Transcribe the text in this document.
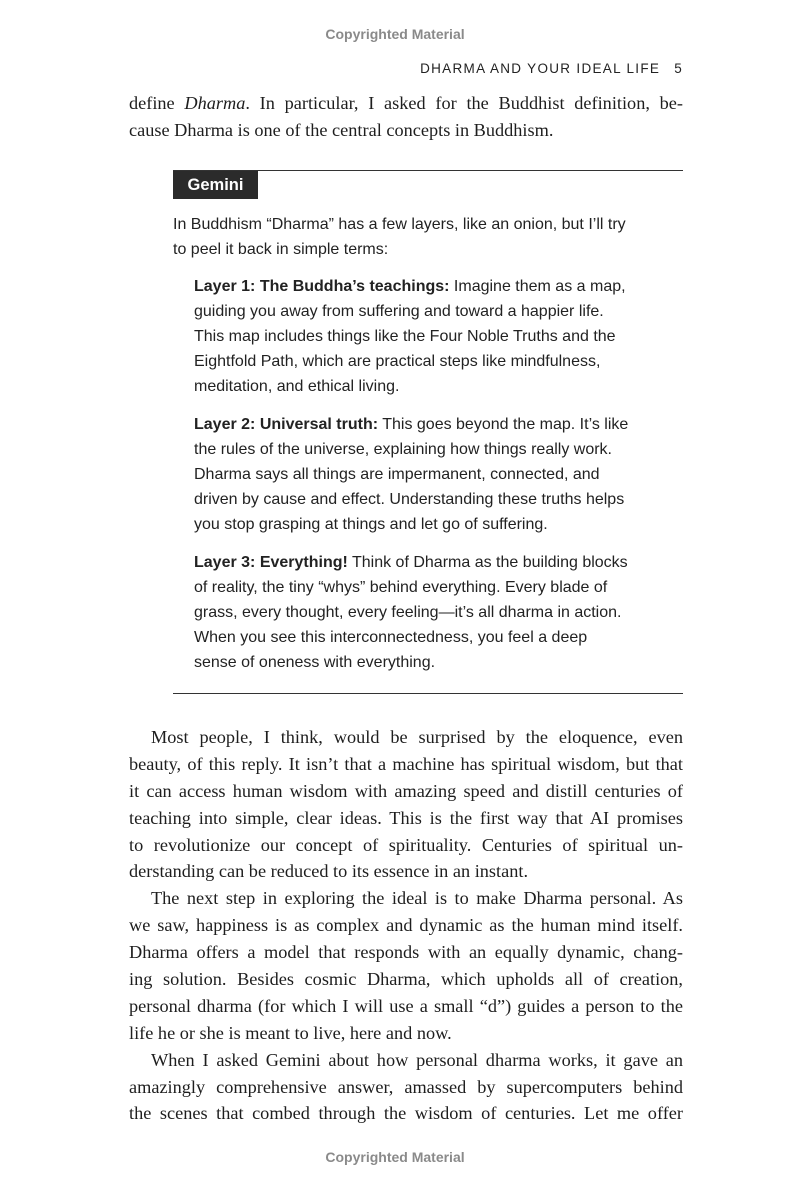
Copyrighted Material
DHARMA AND YOUR IDEAL LIFE 5
define Dharma. In particular, I asked for the Buddhist definition, be-
cause Dharma is one of the central concepts in Buddhism.
Gemini
In Buddhism “Dharma” has a few layers, like an onion, but I’ll try
to peel it back in simple terms:
Layer 1: The Buddha’s teachings: Imagine them as a map,
guiding you away from suffering and toward a happier life.
This map includes things like the Four Noble Truths and the
Eightfold Path, which are practical steps like mindfulness,
meditation, and ethical living.
Layer 2: Universal truth: This goes beyond the map. It’s like
the rules of the universe, explaining how things really work.
Dharma says all things are impermanent, connected, and
driven by cause and effect. Understanding these truths helps
you stop grasping at things and let go of suffering.
Layer 3: Everything! Think of Dharma as the building blocks
of reality, the tiny “whys” behind everything. Every blade of
grass, every thought, every feeling—it’s all dharma in action.
When you see this interconnectedness, you feel a deep
sense of oneness with everything.
Most people, I think, would be surprised by the eloquence, even
beauty, of this reply. It isn’t that a machine has spiritual wisdom, but that
it can access human wisdom with amazing speed and distill centuries of
teaching into simple, clear ideas. This is the first way that AI promises
to revolutionize our concept of spirituality. Centuries of spiritual un-
derstanding can be reduced to its essence in an instant.
The next step in exploring the ideal is to make Dharma personal. As
we saw, happiness is as complex and dynamic as the human mind itself.
Dharma offers a model that responds with an equally dynamic, chang-
ing solution. Besides cosmic Dharma, which upholds all of creation,
personal dharma (for which I will use a small “d”) guides a person to the
life he or she is meant to live, here and now.
When I asked Gemini about how personal dharma works, it gave an
amazingly comprehensive answer, amassed by supercomputers behind
the scenes that combed through the wisdom of centuries. Let me offer
Copyrighted Material
